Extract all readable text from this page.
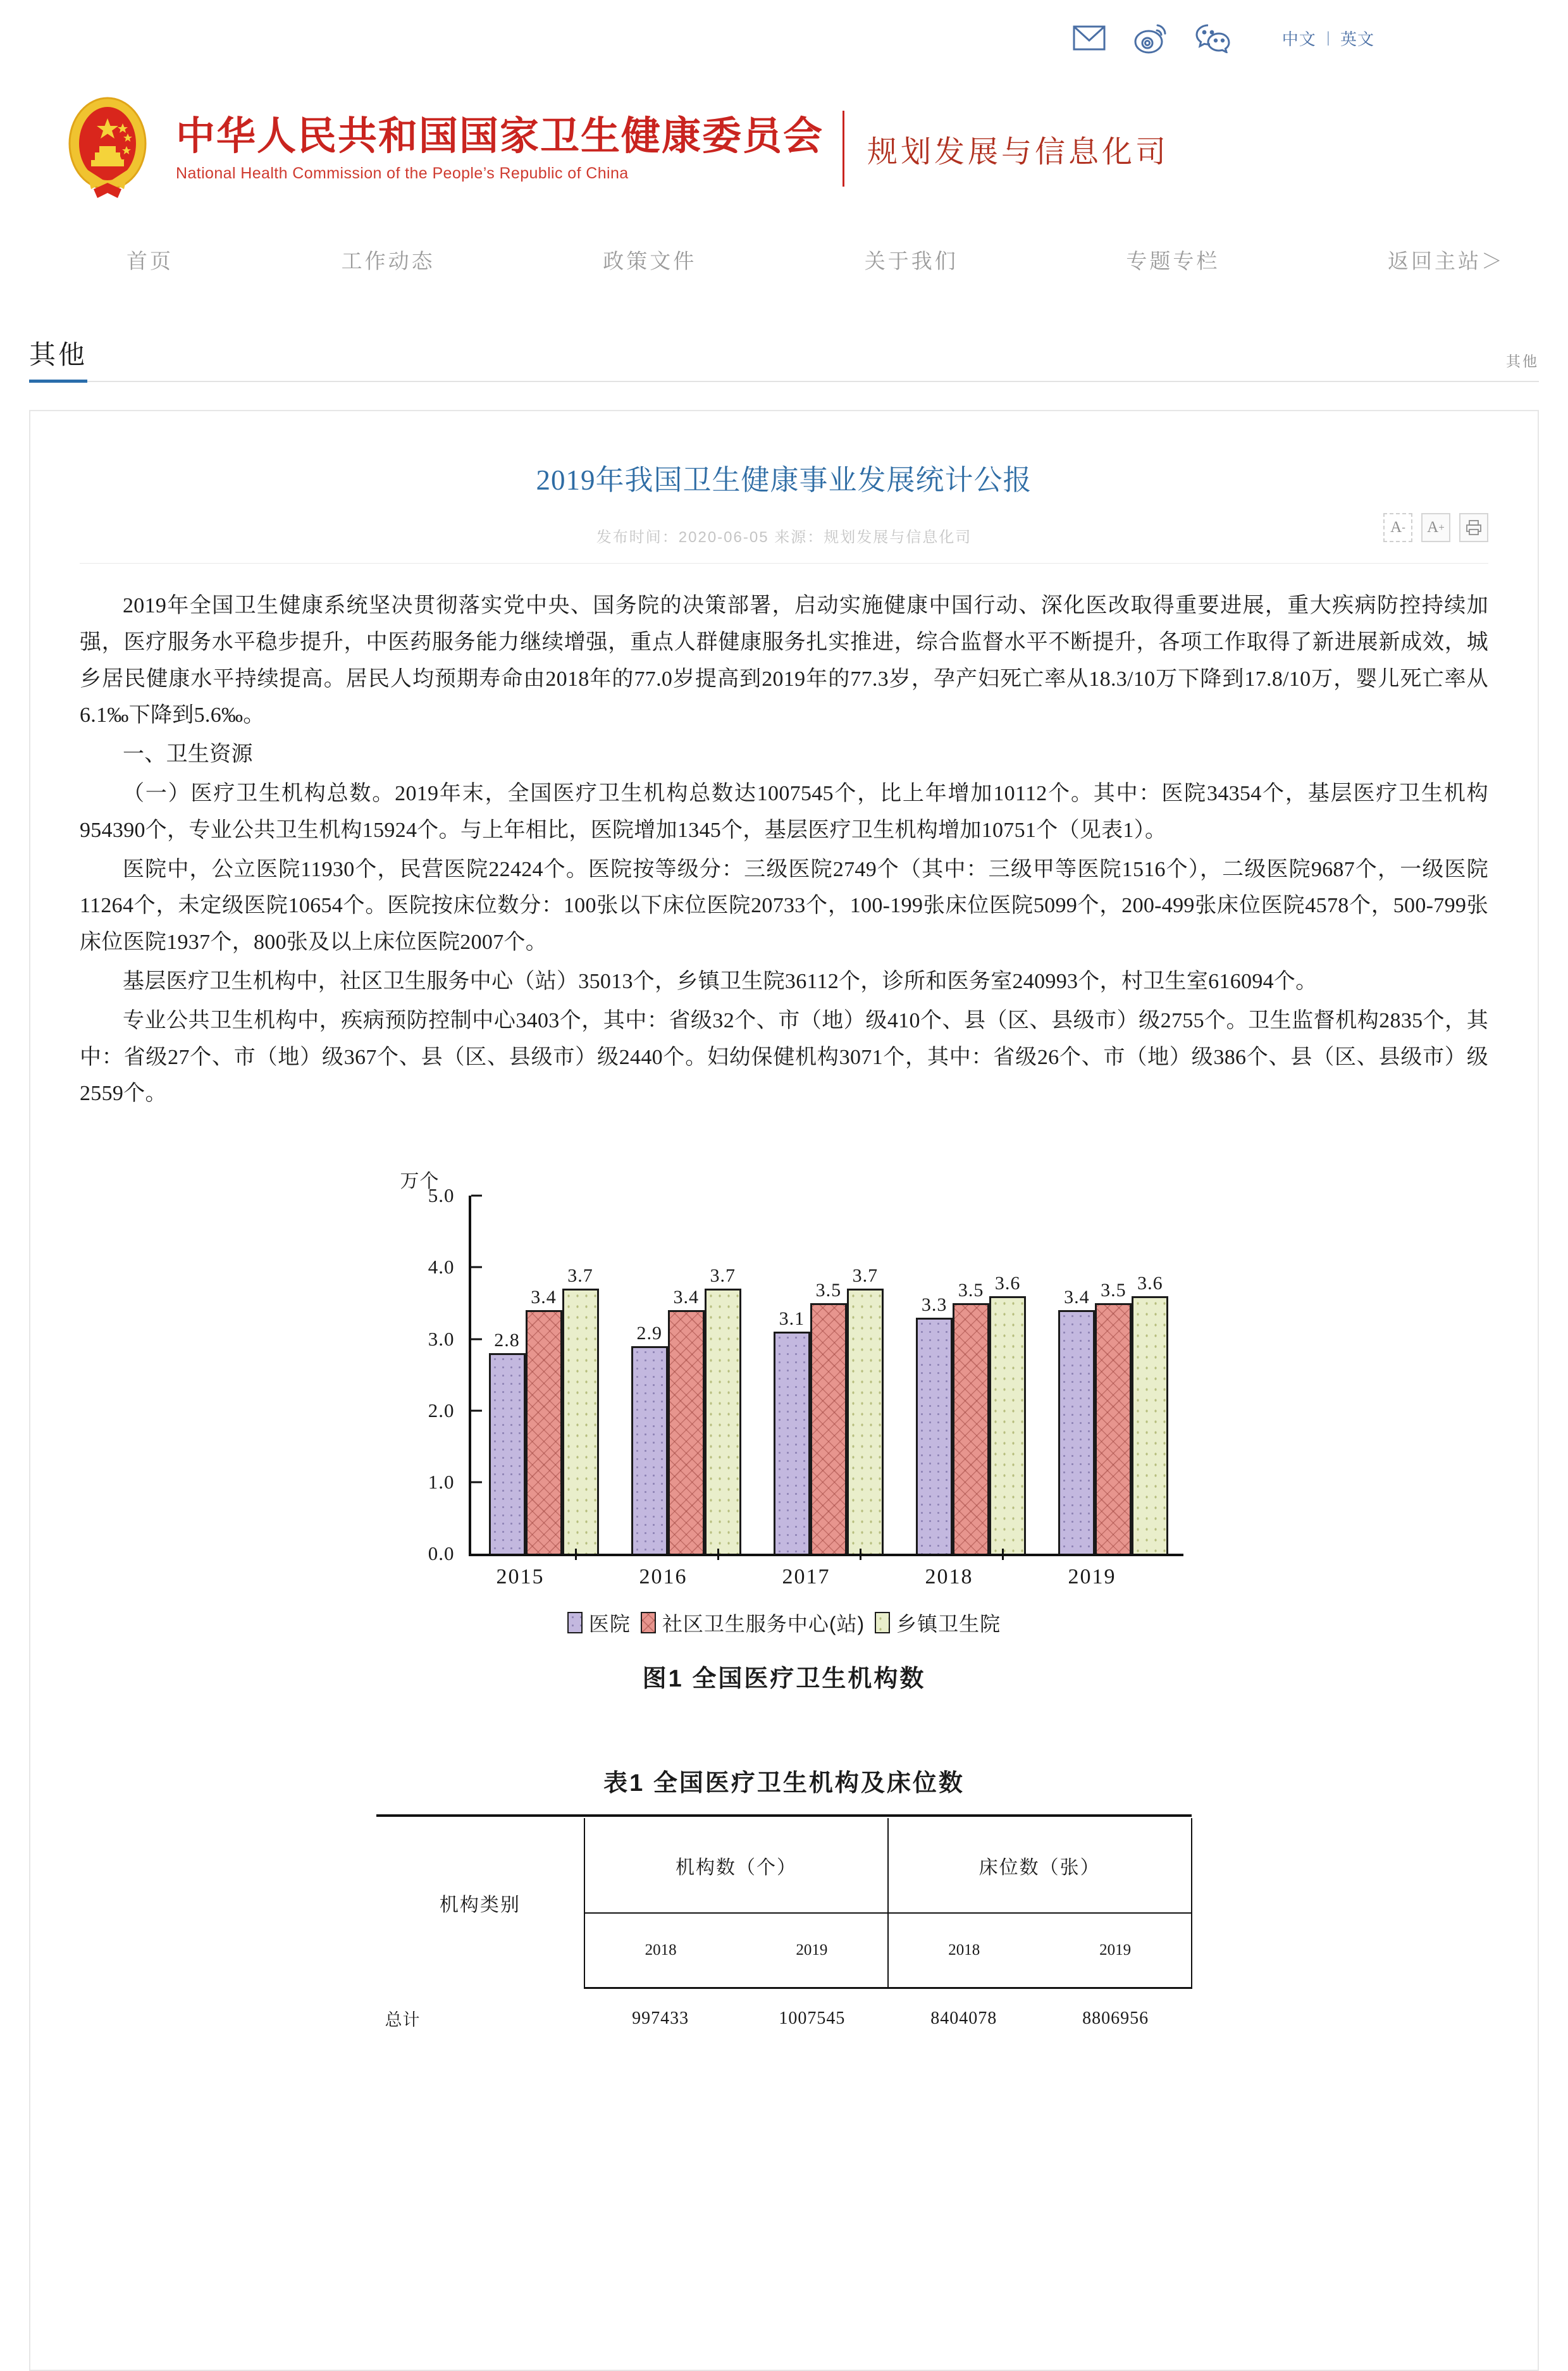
中文 | 英文
中华人民共和国国家卫生健康委员会
National Health Commission of the People’s Republic of China
规划发展与信息化司
首页	工作动态	政策文件	关于我们	专题专栏	返回主站＞
其他	其他
2019年我国卫生健康事业发展统计公报
发布时间：2020-06-05 来源：规划发展与信息化司
A - A +

2019年全国卫生健康系统坚决贯彻落实党中央、国务院的决策部署，启动实施健康中国行动、深化医改取得重要进展，重大疾病防控持续加强，医疗服务水平稳步提升，中医药服务能力继续增强，重点人群健康服务扎实推进，综合监督水平不断提升，各项工作取得了新进展新成效，城乡居民健康水平持续提高。居民人均预期寿命由2018年的77.0岁提高到2019年的77.3岁，孕产妇死亡率从18.3/10万下降到17.8/10万，婴儿死亡率从6.1‰下降到5.6‰。

一、卫生资源

（一）医疗卫生机构总数。2019年末，全国医疗卫生机构总数达1007545个，比上年增加10112个。其中：医院34354个，基层医疗卫生机构954390个，专业公共卫生机构15924个。与上年相比，医院增加1345个，基层医疗卫生机构增加10751个（见表1）。

医院中，公立医院11930个，民营医院22424个。医院按等级分：三级医院2749个（其中：三级甲等医院1516个），二级医院9687个，一级医院11264个，未定级医院10654个。医院按床位数分：100张以下床位医院20733个，100-199张床位医院5099个，200-499张床位医院4578个，500-799张床位医院1937个，800张及以上床位医院2007个。

基层医疗卫生机构中，社区卫生服务中心（站）35013个，乡镇卫生院36112个，诊所和医务室240993个，村卫生室616094个。

专业公共卫生机构中，疾病预防控制中心3403个，其中：省级32个、市（地）级410个、县（区、县级市）级2755个。卫生监督机构2835个，其中：省级27个、市（地）级367个、县（区、县级市）级2440个。妇幼保健机构3071个，其中：省级26个、市（地）级386个、县（区、县级市）级2559个。

万个
5.0
4.0
3.0
2.0
1.0
0.0
2.8
3.4
3.7
2.9
3.4
3.7
3.1
3.5
3.7
3.3
3.5 3.6
3.4 3.5 3.6
2015	2016	2017	2018	2019
医院 社区卫生服务中心(站) 乡镇卫生院
图1 全国医疗卫生机构数
表1 全国医疗卫生机构及床位数

机构类别	机构数（个）		床位数（张）	
	2018	2019	2018	2019
总计	997433	1007545	8404078	8806956
